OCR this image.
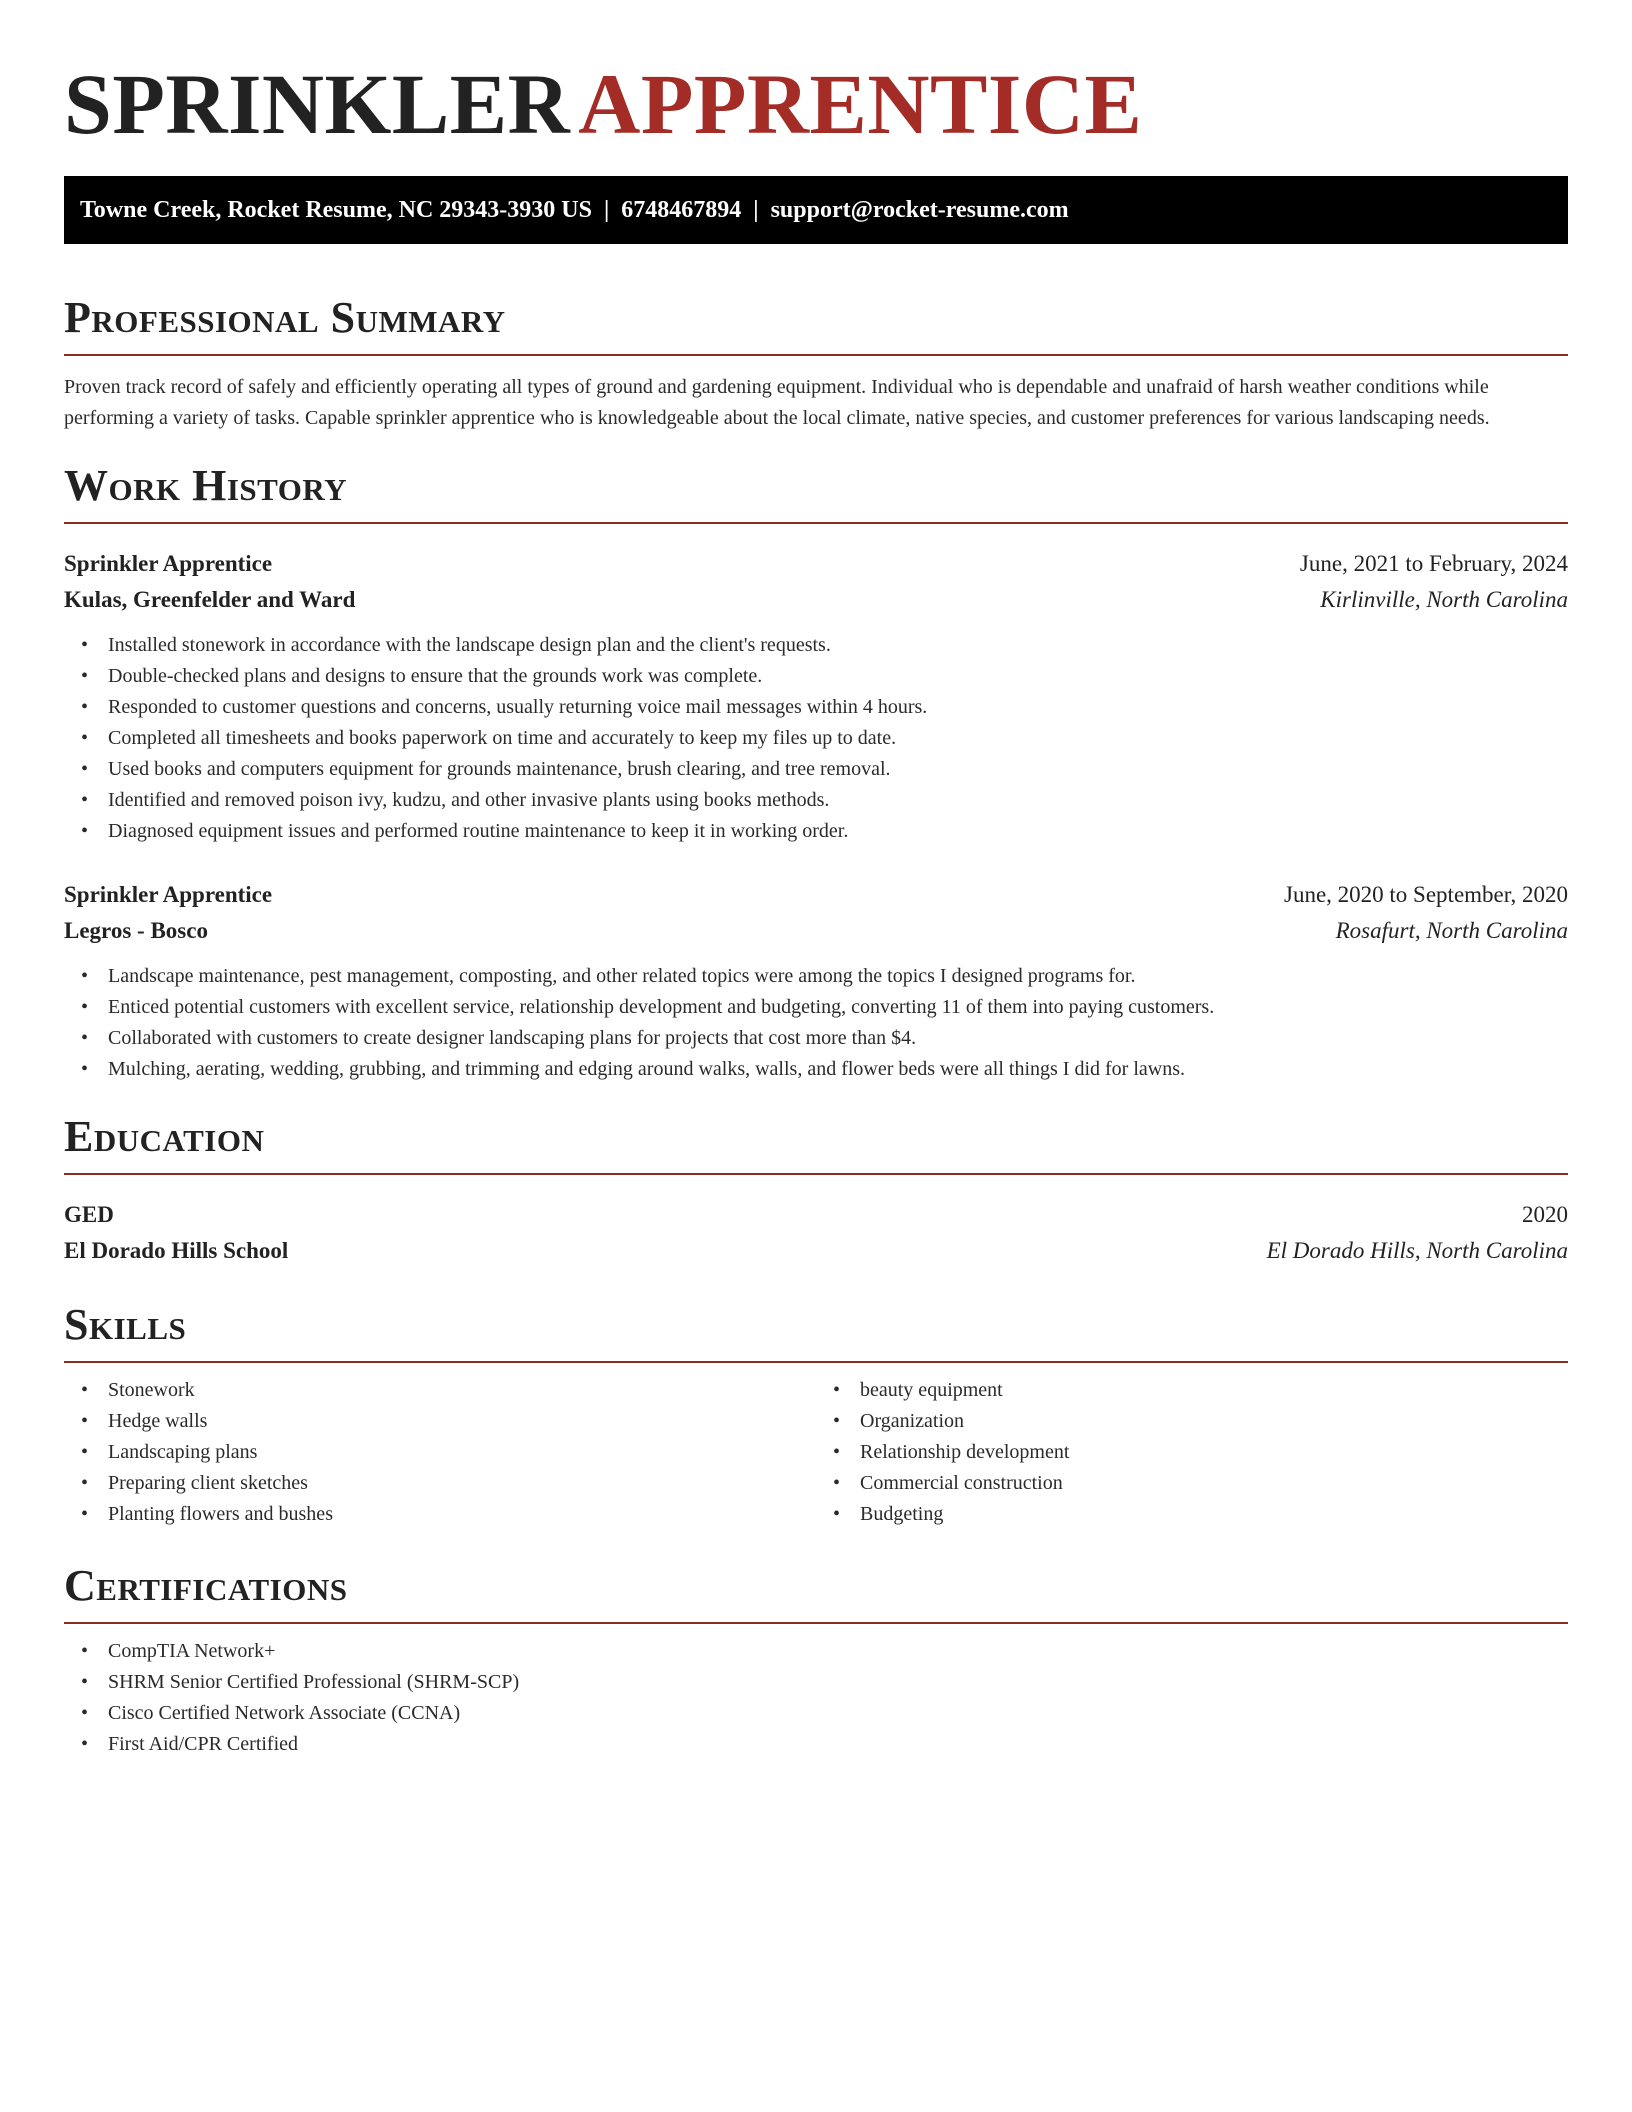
SPRINKLERAPPRENTICE
Towne Creek, Rocket Resume, NC 29343-3930 US | 6748467894 | support@rocket-resume.com
Professional Summary

Proven track record of safely and efficiently operating all types of ground and gardening equipment. Individual who is dependable and unafraid of harsh weather conditions while performing a variety of tasks. Capable sprinkler apprentice who is knowledgeable about the local climate, native species, and customer preferences for various landscaping needs.

Work History
Sprinkler Apprentice	June, 2021 to February, 2024
Kulas, Greenfelder and Ward	Kirlinville, North Carolina
• Installed stonework in accordance with the landscape design plan and the client's requests.
• Double-checked plans and designs to ensure that the grounds work was complete.
• Responded to customer questions and concerns, usually returning voice mail messages within 4 hours.
• Completed all timesheets and books paperwork on time and accurately to keep my files up to date.
• Used books and computers equipment for grounds maintenance, brush clearing, and tree removal.
• Identified and removed poison ivy, kudzu, and other invasive plants using books methods.
• Diagnosed equipment issues and performed routine maintenance to keep it in working order.
Sprinkler Apprentice	June, 2020 to September, 2020
Legros - Bosco	Rosafurt, North Carolina
• Landscape maintenance, pest management, composting, and other related topics were among the topics I designed programs for.
• Enticed potential customers with excellent service, relationship development and budgeting, converting 11 of them into paying customers.
• Collaborated with customers to create designer landscaping plans for projects that cost more than $4.
• Mulching, aerating, wedding, grubbing, and trimming and edging around walks, walls, and flower beds were all things I did for lawns.
Education
GED	2020
El Dorado Hills School	El Dorado Hills, North Carolina
Skills
• Stonework
• Hedge walls
• Landscaping plans
• Preparing client sketches
• Planting flowers and bushes
• beauty equipment
• Organization
• Relationship development
• Commercial construction
• Budgeting
Certifications
• CompTIA Network+
• SHRM Senior Certified Professional (SHRM-SCP)
• Cisco Certified Network Associate (CCNA)
• First Aid/CPR Certified
